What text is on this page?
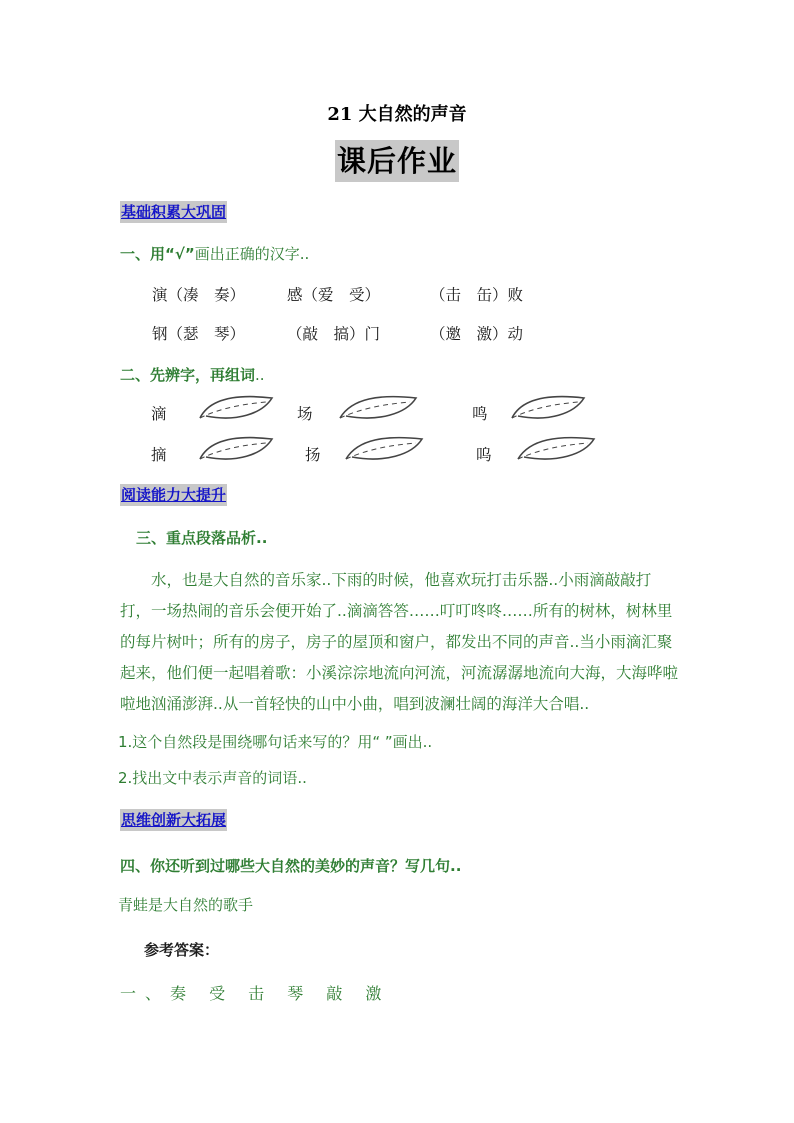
21 大自然的声音
课后作业
基础积累大巩固
一、用“√”画出正确的汉字..
演（凑　奏）	感（爱　受）	（击　缶）败
钢（瑟　琴）	（敲　搞）门	（邀　激）动
二、先辨字，再组词..
滴	场	鸣
摘	扬	呜
阅读能力大提升
三、重点段落品析..
水，也是大自然的音乐家..下雨的时候，他喜欢玩打击乐器..小雨滴敲敲打打，一场热闹的音乐会便开始了..滴滴答答……叮叮咚咚……所有的树林，树林里的每片树叶；所有的房子，房子的屋顶和窗户，都发出不同的声音..当小雨滴汇聚起来，他们便一起唱着歌：小溪淙淙地流向河流，河流潺潺地流向大海，大海哗啦啦地汹涌澎湃..从一首轻快的山中小曲，唱到波澜壮阔的海洋大合唱..
1.这个自然段是围绕哪句话来写的？用“ ”画出..
2.找出文中表示声音的词语..
思维创新大拓展
四、你还听到过哪些大自然的美妙的声音？写几句..
青蛙是大自然的歌手
参考答案：
一、奏 受 击 琴 敲 激
